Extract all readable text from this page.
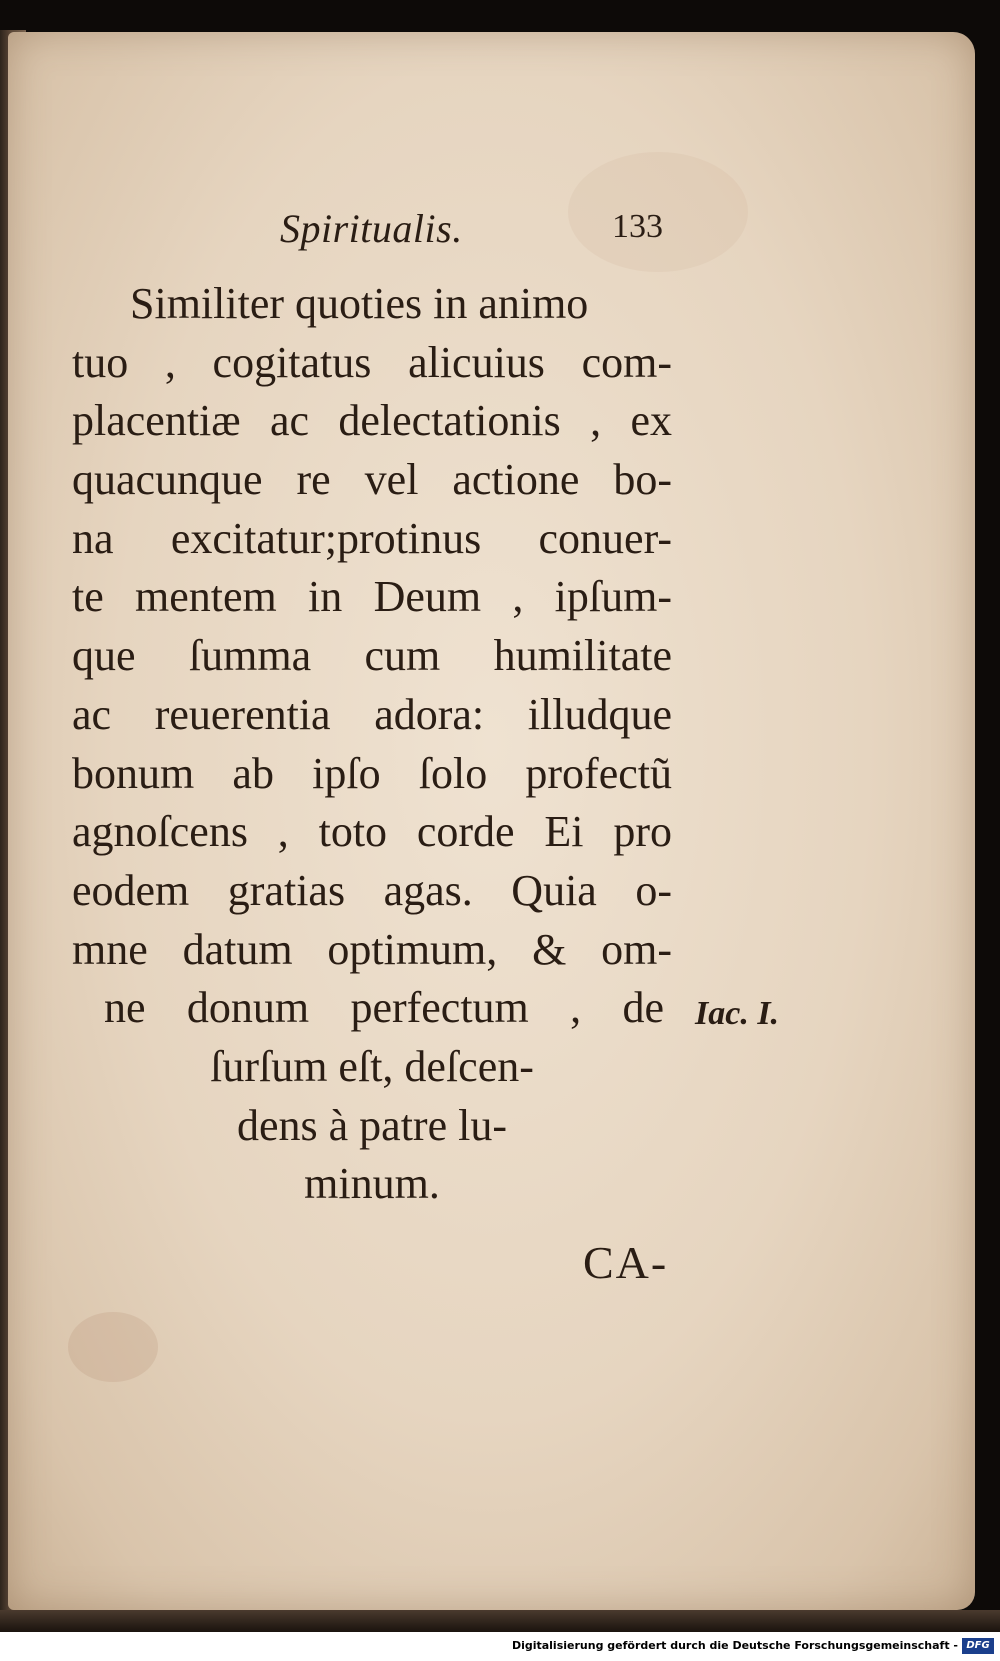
Spiritualis.	133
Similiter quoties in animo
tuo , cogitatus alicuius com-
placentiæ ac delectationis , ex
quacunque re vel actione bo-
na excitatur;protinus conuer-
te mentem in Deum , ipſum-
que ſumma cum humilitate
ac reuerentia adora: illudque
bonum ab ipſo ſolo profectũ
agnoſcens , toto corde Ei pro
eodem gratias agas. Quia o-
mne datum optimum, & om-
ne donum perfectum , de
ſurſum eſt, deſcen-
dens à patre lu-
minum.
Iac. I.
CA-
Digitalisierung gefördert durch die Deutsche Forschungsgemeinschaft - DFG
